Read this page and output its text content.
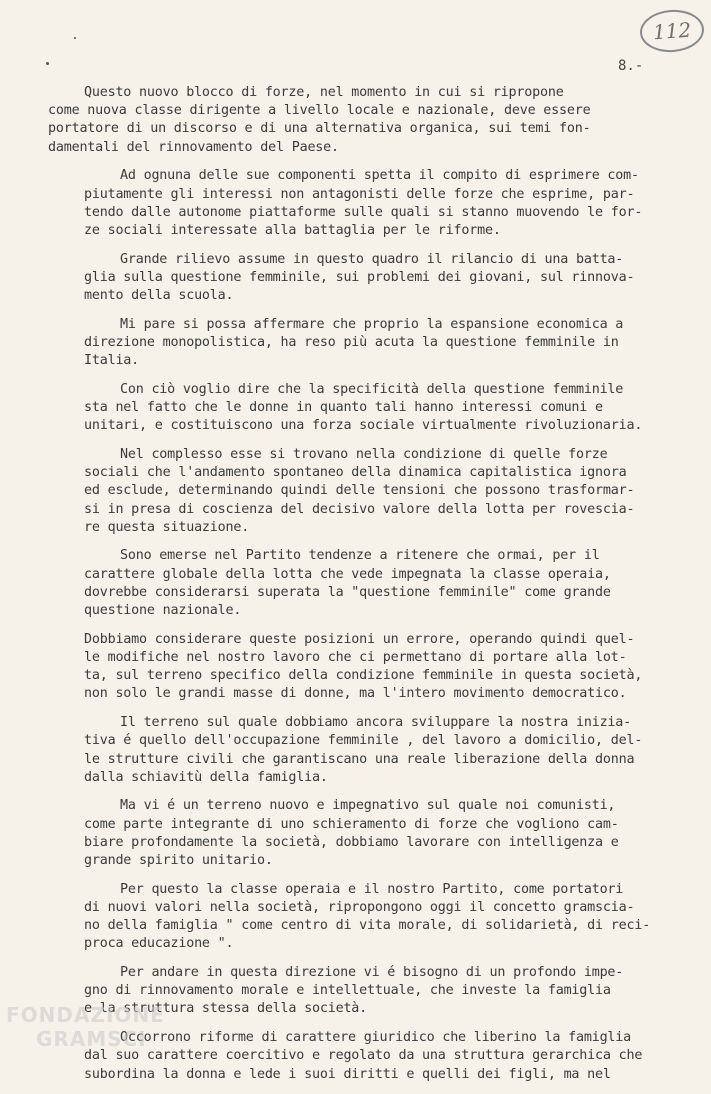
112
8.-

Questo nuovo blocco di forze, nel momento in cui si ripropone
come nuova classe dirigente a livello locale e nazionale, deve essere
portatore di un discorso e di una alternativa organica, sui temi fon-
damentali del rinnovamento del Paese.

Ad ognuna delle sue componenti spetta il compito di esprimere com-
piutamente gli interessi non antagonisti delle forze che esprime, par-
tendo dalle autonome piattaforme sulle quali si stanno muovendo le for-
ze sociali interessate alla battaglia per le riforme.

Grande rilievo assume in questo quadro il rilancio di una batta-
glia sulla questione femminile, sui problemi dei giovani, sul rinnova-
mento della scuola.

Mi pare si possa affermare che proprio la espansione economica a
direzione monopolistica, ha reso più acuta la questione femminile in
Italia.

Con ciò voglio dire che la specificità della questione femminile
sta nel fatto che le donne in quanto tali hanno interessi comuni e
unitari, e costituiscono una forza sociale virtualmente rivoluzionaria.

Nel complesso esse si trovano nella condizione di quelle forze
sociali che l'andamento spontaneo della dinamica capitalistica ignora
ed esclude, determinando quindi delle tensioni che possono trasformar-
si in presa di coscienza del decisivo valore della lotta per rovescia-
re questa situazione.

Sono emerse nel Partito tendenze a ritenere che ormai, per il
carattere globale della lotta che vede impegnata la classe operaia,
dovrebbe considerarsi superata la "questione femminile" come grande
questione nazionale.

Dobbiamo considerare queste posizioni un errore, operando quindi quel-
le modifiche nel nostro lavoro che ci permettano di portare alla lot-
ta, sul terreno specifico della condizione femminile in questa società,
non solo le grandi masse di donne, ma l'intero movimento democratico.

Il terreno sul quale dobbiamo ancora sviluppare la nostra inizia-
tiva é quello dell'occupazione femminile , del lavoro a domicilio, del-
le strutture civili che garantiscano una reale liberazione della donna
dalla schiavitù della famiglia.

Ma vi é un terreno nuovo e impegnativo sul quale noi comunisti,
come parte integrante di uno schieramento di forze che vogliono cam-
biare profondamente la società, dobbiamo lavorare con intelligenza e
grande spirito unitario.

Per questo la classe operaia e il nostro Partito, come portatori
di nuovi valori nella società, ripropongono oggi il concetto gramscia-
no della famiglia " come centro di vita morale, di solidarietà, di reci-
proca educazione ".

Per andare in questa direzione vi é bisogno di un profondo impe-
gno di rinnovamento morale e intellettuale, che investe la famiglia
e la struttura stessa della società.

Occorrono riforme di carattere giuridico che liberino la famiglia
dal suo carattere coercitivo e regolato da una struttura gerarchica che
subordina la donna e lede i suoi diritti e quelli dei figli, ma nel

FONDAZIONE
GRAMSCI
